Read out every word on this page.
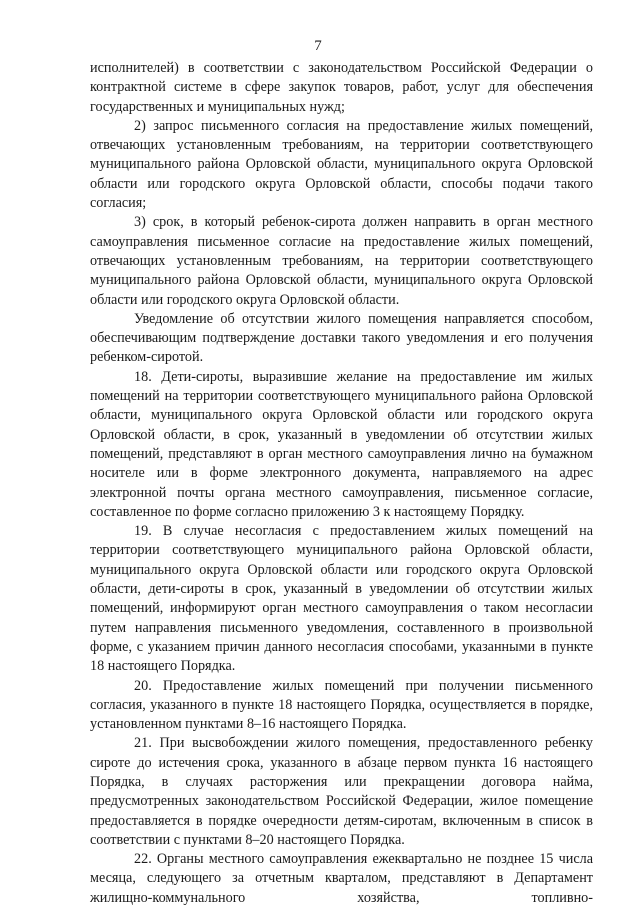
7

исполнителей) в соответствии с законодательством Российской Федерации о контрактной системе в сфере закупок товаров, работ, услуг для обеспечения государственных и муниципальных нужд;

2) запрос письменного согласия на предоставление жилых помещений, отвечающих установленным требованиям, на территории соответствующего муниципального района Орловской области, муниципального округа Орловской области или городского округа Орловской области, способы подачи такого согласия;

3) срок, в который ребенок-сирота должен направить в орган местного самоуправления письменное согласие на предоставление жилых помещений, отвечающих установленным требованиям, на территории соответствующего муниципального района Орловской области, муниципального округа Орловской области или городского округа Орловской области.

Уведомление об отсутствии жилого помещения направляется способом, обеспечивающим подтверждение доставки такого уведомления и его получения ребенком-сиротой.

18. Дети-сироты, выразившие желание на предоставление им жилых помещений на территории соответствующего муниципального района Орловской области, муниципального округа Орловской области или городского округа Орловской области, в срок, указанный в уведомлении об отсутствии жилых помещений, представляют в орган местного самоуправления лично на бумажном носителе или в форме электронного документа, направляемого на адрес электронной почты органа местного самоуправления, письменное согласие, составленное по форме согласно приложению 3 к настоящему Порядку.

19. В случае несогласия с предоставлением жилых помещений на территории соответствующего муниципального района Орловской области, муниципального округа Орловской области или городского округа Орловской области, дети-сироты в срок, указанный в уведомлении об отсутствии жилых помещений, информируют орган местного самоуправления о таком несогласии путем направления письменного уведомления, составленного в произвольной форме, с указанием причин данного несогласия способами, указанными в пункте 18 настоящего Порядка.

20. Предоставление жилых помещений при получении письменного согласия, указанного в пункте 18 настоящего Порядка, осуществляется в порядке, установленном пунктами 8–16 настоящего Порядка.

21. При высвобождении жилого помещения, предоставленного ребенку сироте до истечения срока, указанного в абзаце первом пункта 16 настоящего Порядка, в случаях расторжения или прекращении договора найма, предусмотренных законодательством Российской Федерации, жилое помещение предоставляется в порядке очередности детям-сиротам, включенным в список в соответствии с пунктами 8–20 настоящего Порядка.

22. Органы местного самоуправления ежеквартально не позднее 15 числа месяца, следующего за отчетным кварталом, представляют в Департамент жилищно-коммунального хозяйства, топливно-
